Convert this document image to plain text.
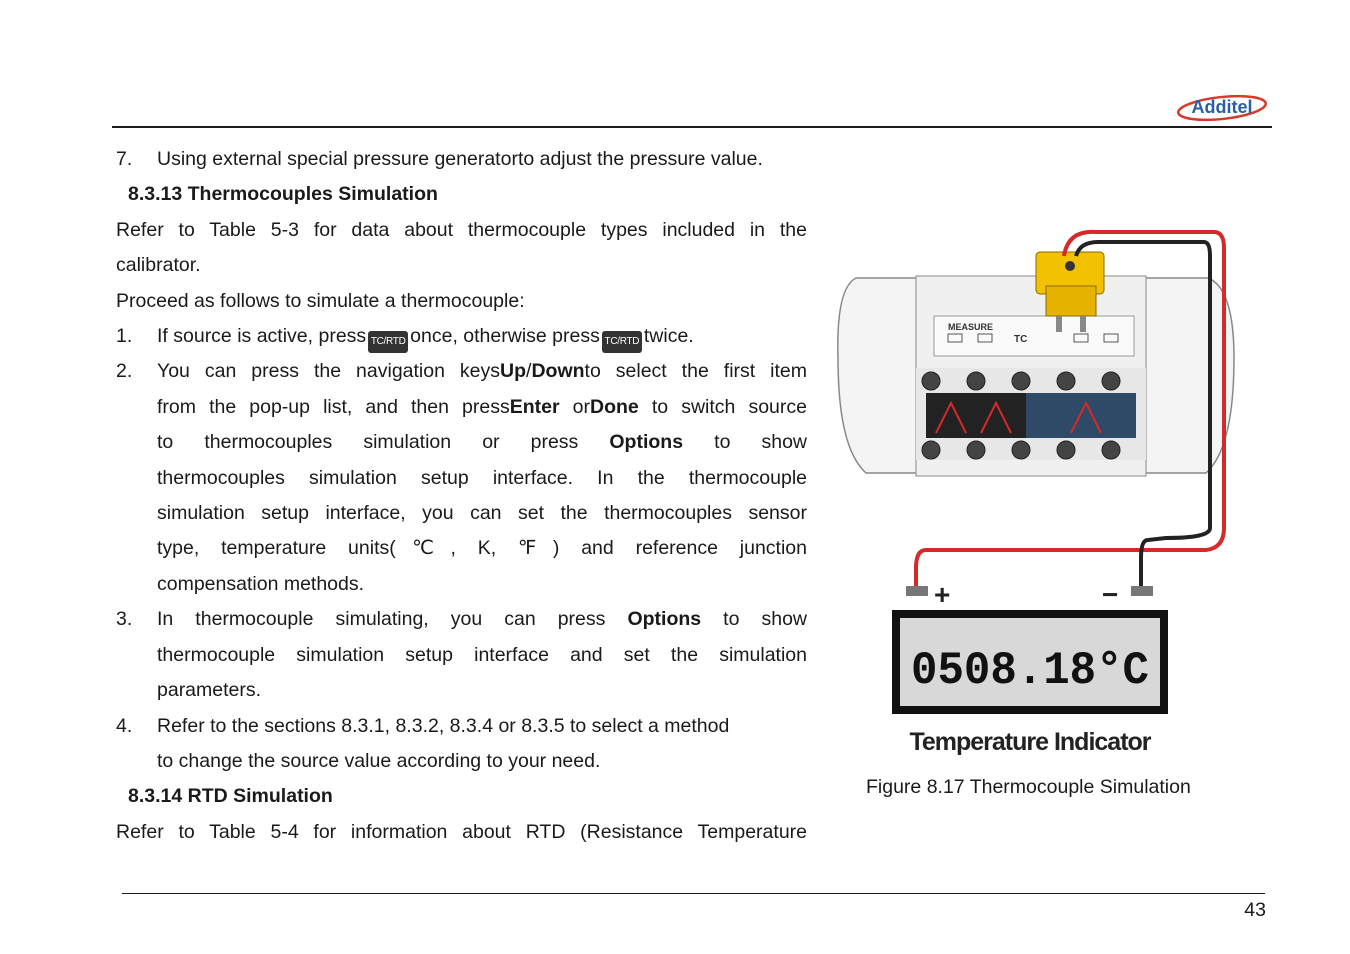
Additel
7. Using external special pressure generatorto adjust the pressure value.
8.3.13 Thermocouples Simulation
Refer to Table 5-3 for data about thermocouple types included in the
calibrator.
Proceed as follows to simulate a thermocouple:
1. If source is active, press TC/RTD once, otherwise press TC/RTD twice.
2. You can press the navigation keysUp/Downto select the first item
from the pop-up list, and then pressEnter orDone to switch source
to thermocouples simulation or press Options to show
thermocouples simulation setup interface. In the thermocouple
simulation setup interface, you can set the thermocouples sensor
type, temperature units(℃, K, ℉) and reference junction
compensation methods.
3. In thermocouple simulating, you can press Options to show
thermocouple simulation setup interface and set the simulation
parameters.
4. Refer to the sections 8.3.1, 8.3.2, 8.3.4 or 8.3.5 to select a method
to change the source value according to your need.
8.3.14 RTD Simulation
Refer to Table 5-4 for information about RTD (Resistance Temperature
MEASURE
TC
+	−
0508.18°C
Temperature Indicator
Figure 8.17 Thermocouple Simulation
43
